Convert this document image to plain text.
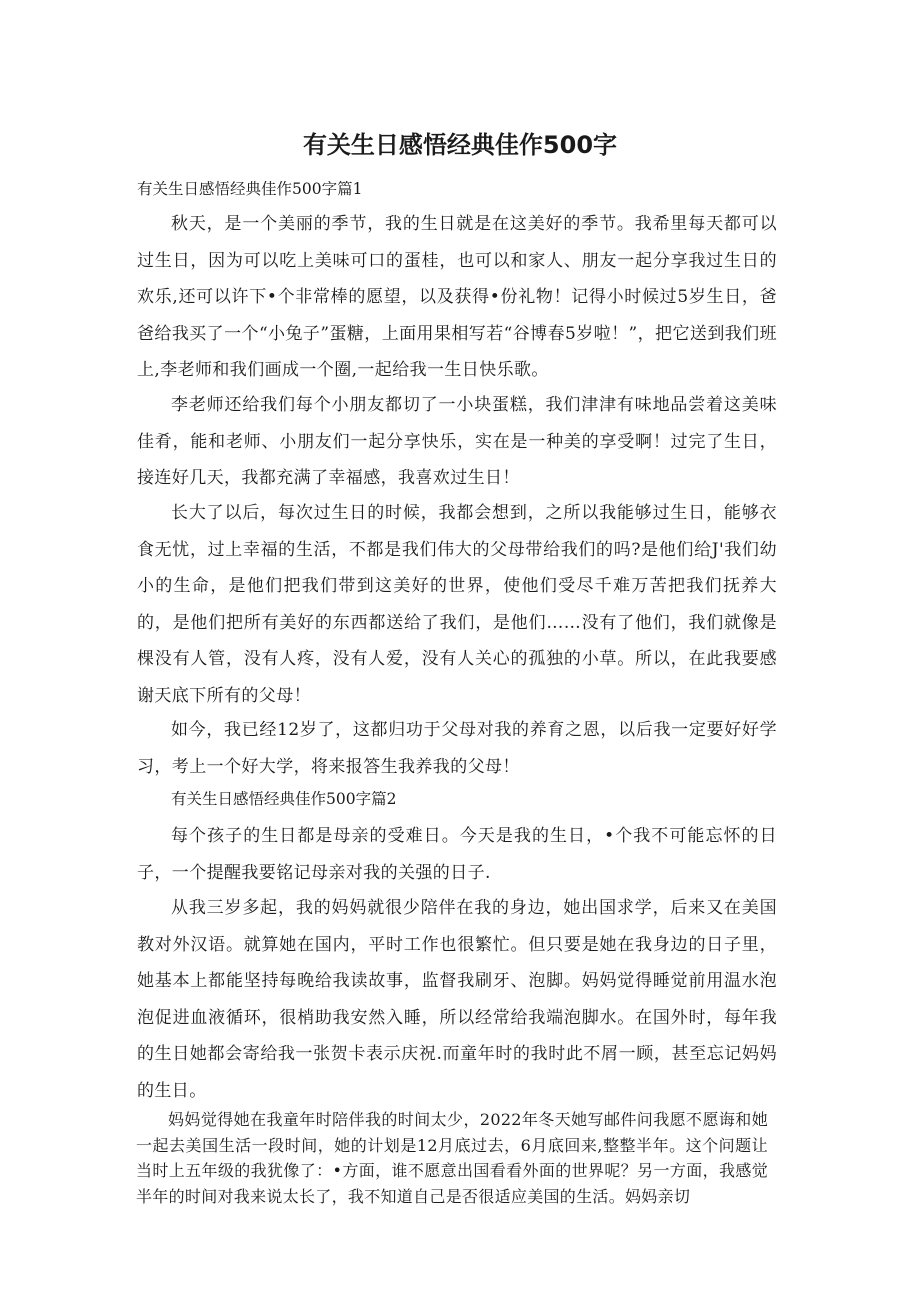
有关生日感悟经典佳作500字

有关生日感悟经典佳作500字篇1

秋天，是一个美丽的季节，我的生日就是在这美好的季节。我希里每天都可以过生日，因为可以吃上美味可口的蛋桂，也可以和家人、朋友一起分享我过生日的欢乐,还可以许下•个非常棒的愿望，以及获得•份礼物！记得小时候过5岁生日，爸爸给我买了一个“小兔子”蛋糖，上面用果相写若“谷博春5岁啦！”，把它送到我们班上,李老师和我们画成一个圈,一起给我一生日快乐歌。

李老师还给我们每个小朋友都切了一小块蛋糕，我们津津有味地品尝着这美味佳肴，能和老师、小朋友们一起分享快乐，实在是一种美的享受啊！过完了生日，接连好几天，我都充满了幸福感，我喜欢过生日！

长大了以后，每次过生日的时候，我都会想到，之所以我能够过生日，能够衣食无忧，过上幸福的生活，不都是我们伟大的父母带给我们的吗?是他们给J'我们幼小的生命，是他们把我们带到这美好的世界，使他们受尽千难万苦把我们抚养大的，是他们把所有美好的东西都送给了我们，是他们……没有了他们，我们就像是棵没有人管，没有人疼，没有人爱，没有人关心的孤独的小草。所以，在此我要感谢天底下所有的父母！

如今，我已经12岁了，这都归功于父母对我的养育之恩，以后我一定要好好学习，考上一个好大学，将来报答生我养我的父母！

有关生日感悟经典佳作500字篇2

每个孩子的生日都是母亲的受难日。今天是我的生日，•个我不可能忘怀的日子，一个提醒我要铭记母亲对我的关强的日子.

从我三岁多起，我的妈妈就很少陪伴在我的身边，她出国求学，后来又在美国教对外汉语。就算她在国内，平时工作也很繁忙。但只要是她在我身边的日子里，她基本上都能坚持每晚给我读故事，监督我刷牙、泡脚。妈妈觉得睡觉前用温水泡泡促进血液循环，很梢助我安然入睡，所以经常给我端泡脚水。在国外时，每年我的生日她都会寄给我一张贺卡表示庆祝.而童年时的我时此不屑一顾，甚至忘记妈妈的生日。

妈妈觉得她在我童年时陪伴我的时间太少，2022年冬天她写邮件问我愿不愿诲和她一起去美国生活一段时间，她的计划是12月底过去，6月底回来,整整半年。这个问题让当时上五年级的我犹像了：•方面，谁不愿意出国看看外面的世界呢？另一方面，我感觉半年的时间对我来说太长了，我不知道自己是否很适应美国的生活。妈妈亲切
